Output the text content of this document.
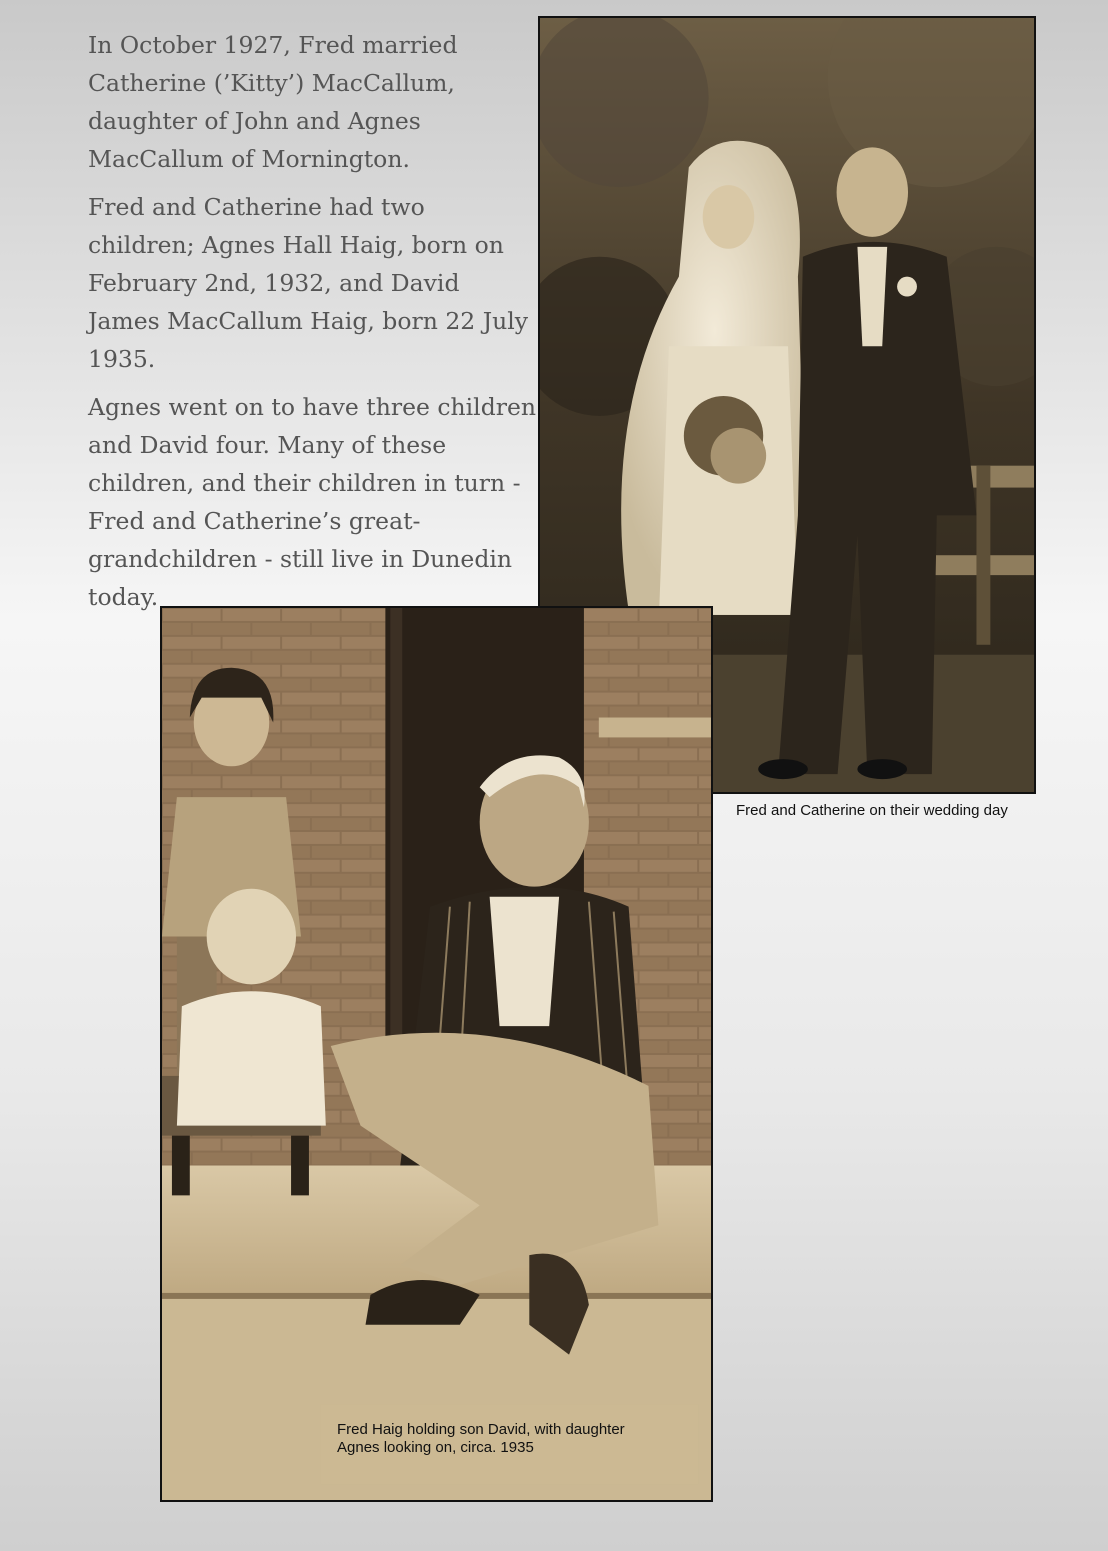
In October 1927, Fred married Catherine (’Kitty’) MacCallum, daughter of John and Agnes MacCallum of Mornington.

Fred and Catherine had two children; Agnes Hall Haig, born on February 2nd, 1932, and David James MacCallum Haig, born 22 July 1935.

Agnes went on to have three children and David four. Many of these children, and their children in turn - Fred and Catherine’s great-grandchildren - still live in Dunedin today.

Fred and Catherine on their wedding day
Fred Haig holding son David, with daughter
Agnes looking on, circa. 1935
